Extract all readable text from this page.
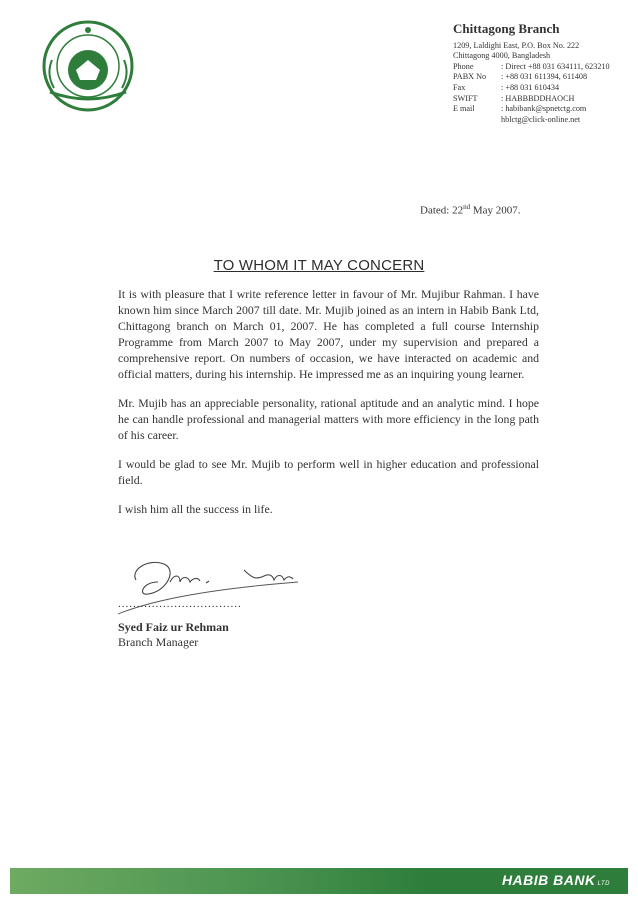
Chittagong Branch
1209, Laldighi East, P.O. Box No. 222
Chittagong 4000, Bangladesh
Phone	: Direct +88 031 634111, 623210
PABX No : +88 031 611394, 611408
Fax	: +88 031 610434
SWIFT	: HABBBDDHAOCH
E mail	: habibank@spnetctg.com
hblctg@click-online.net
Dated: 22nd May 2007.
TO WHOM IT MAY CONCERN

It is with pleasure that I write reference letter in favour of Mr. Mujibur Rahman. I have known him since March 2007 till date. Mr. Mujib joined as an intern in Habib Bank Ltd, Chittagong branch on March 01, 2007. He has completed a full course Internship Programme from March 2007 to May 2007, under my supervision and prepared a comprehensive report. On numbers of occasion, we have interacted on academic and official matters, during his internship. He impressed me as an inquiring young learner.

Mr. Mujib has an appreciable personality, rational aptitude and an analytic mind. I hope he can handle professional and managerial matters with more efficiency in the long path of his career.

I would be glad to see Mr. Mujib to perform well in higher education and professional field.

I wish him all the success in life.

.................................
Syed Faiz ur Rehman
Branch Manager
HABIB BANK LTD
